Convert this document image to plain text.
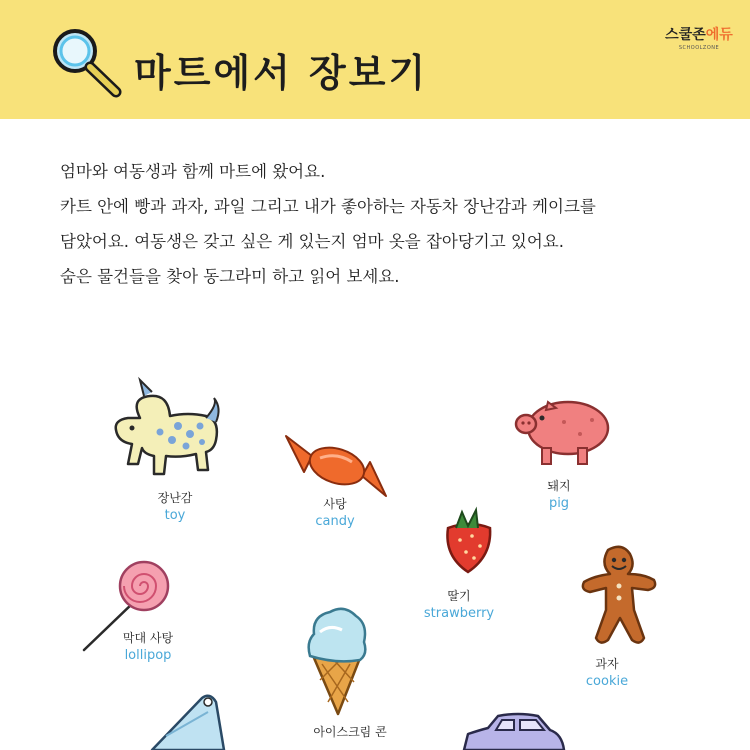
마트에서 장보기
스쿨존에듀
SCHOOLZONE

엄마와 여동생과 함께 마트에 왔어요.

카트 안에 빵과 과자, 과일 그리고 내가 좋아하는 자동차 장난감과 케이크를

담았어요. 여동생은 갖고 싶은 게 있는지 엄마 옷을 잡아당기고 있어요.

숨은 물건들을 찾아 동그라미 하고 읽어 보세요.

장난감
toy
사탕
candy
돼지
pig
딸기
strawberry
과자
cookie
막대 사탕
lollipop
아이스크림 콘
